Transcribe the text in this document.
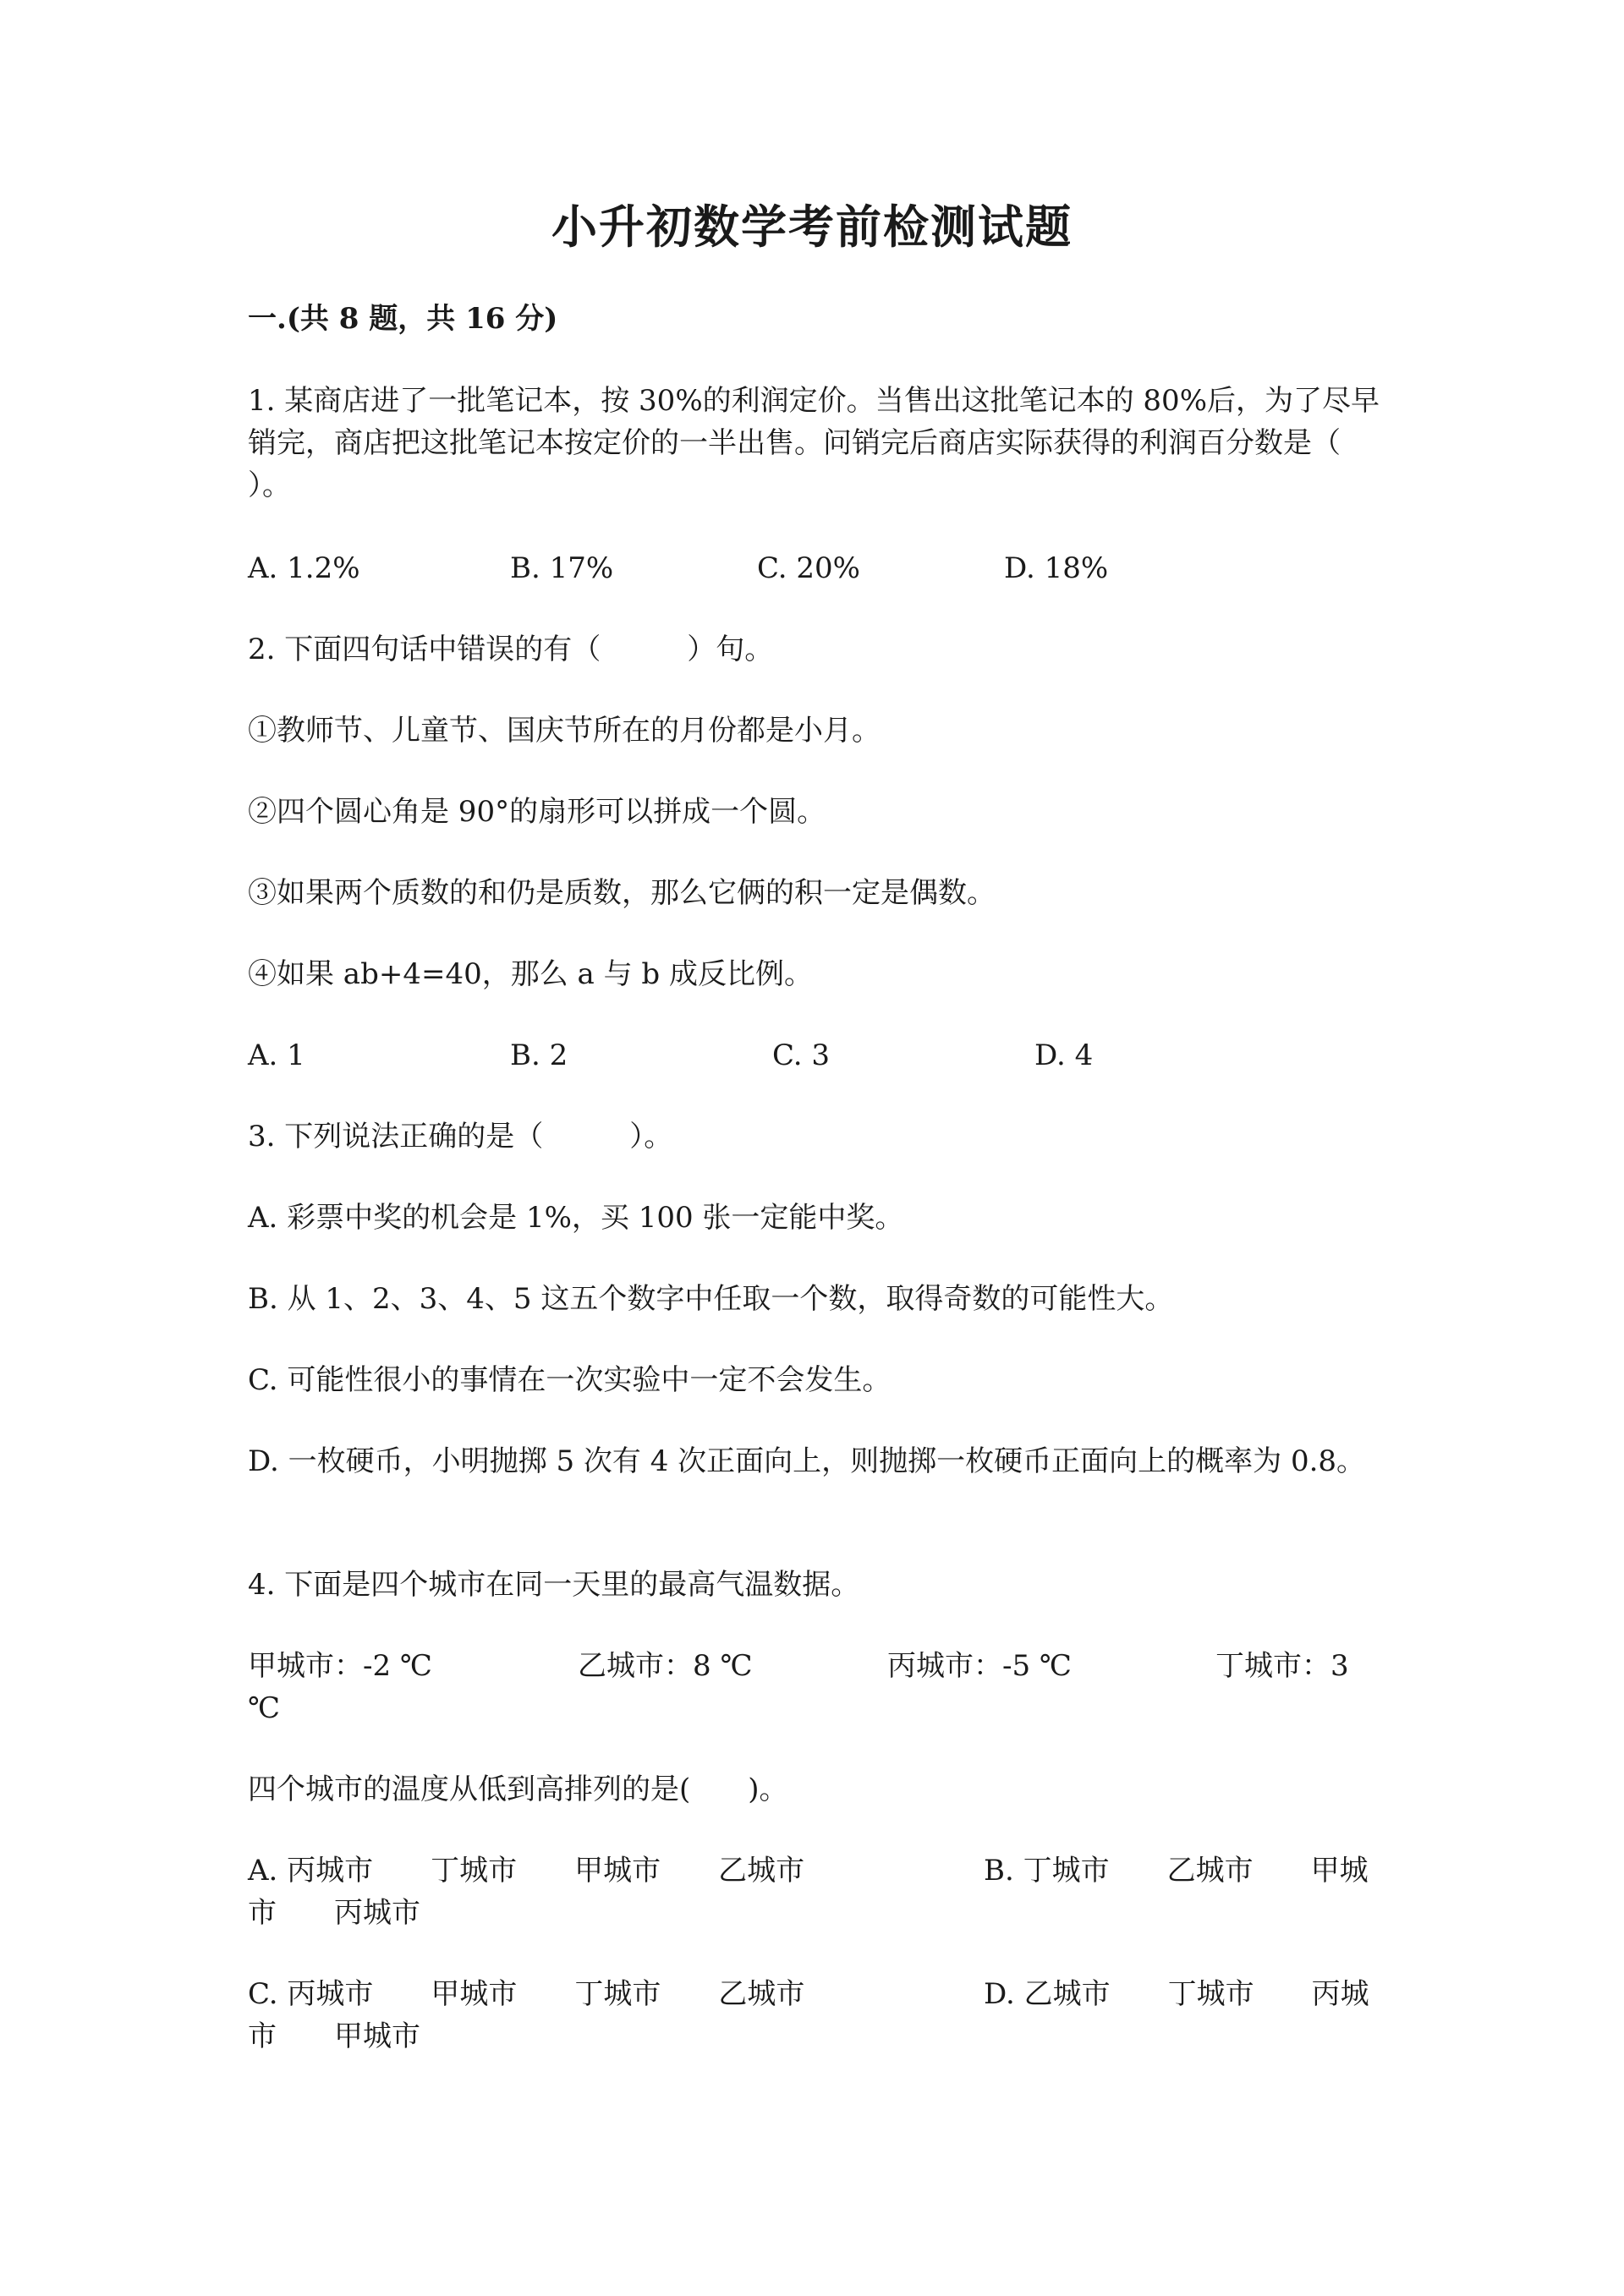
小升初数学考前检测试题
一.(共 8 题，共 16 分)
1. 某商店进了一批笔记本，按 30%的利润定价。当售出这批笔记本的 80%后，为了尽早销完，商店把这批笔记本按定价的一半出售。问销完后商店实际获得的利润百分数是（　　　）。
A. 1.2%	B. 17%	C. 20%	D. 18%
2. 下面四句话中错误的有（　　　）句。
①教师节、儿童节、国庆节所在的月份都是小月。
②四个圆心角是 90°的扇形可以拼成一个圆。
③如果两个质数的和仍是质数，那么它俩的积一定是偶数。
④如果 ab+4=40，那么 a 与 b 成反比例。
A. 1	B. 2	C. 3	D. 4
3. 下列说法正确的是（　　　）。
A. 彩票中奖的机会是 1%，买 100 张一定能中奖。
B. 从 1、2、3、4、5 这五个数字中任取一个数，取得奇数的可能性大。
C. 可能性很小的事情在一次实验中一定不会发生。
D. 一枚硬币，小明抛掷 5 次有 4 次正面向上，则抛掷一枚硬币正面向上的概率为 0.8。
4. 下面是四个城市在同一天里的最高气温数据。
甲城市：-2 ℃	乙城市：8 ℃	丙城市：-5 ℃	丁城市：3
℃
四个城市的温度从低到高排列的是(　　)。
A. 丙城市　　丁城市　　甲城市　　乙城市	B. 丁城市　　乙城市　　甲城
市　　丙城市
C. 丙城市　　甲城市　　丁城市　　乙城市	D. 乙城市　　丁城市　　丙城
市　　甲城市
